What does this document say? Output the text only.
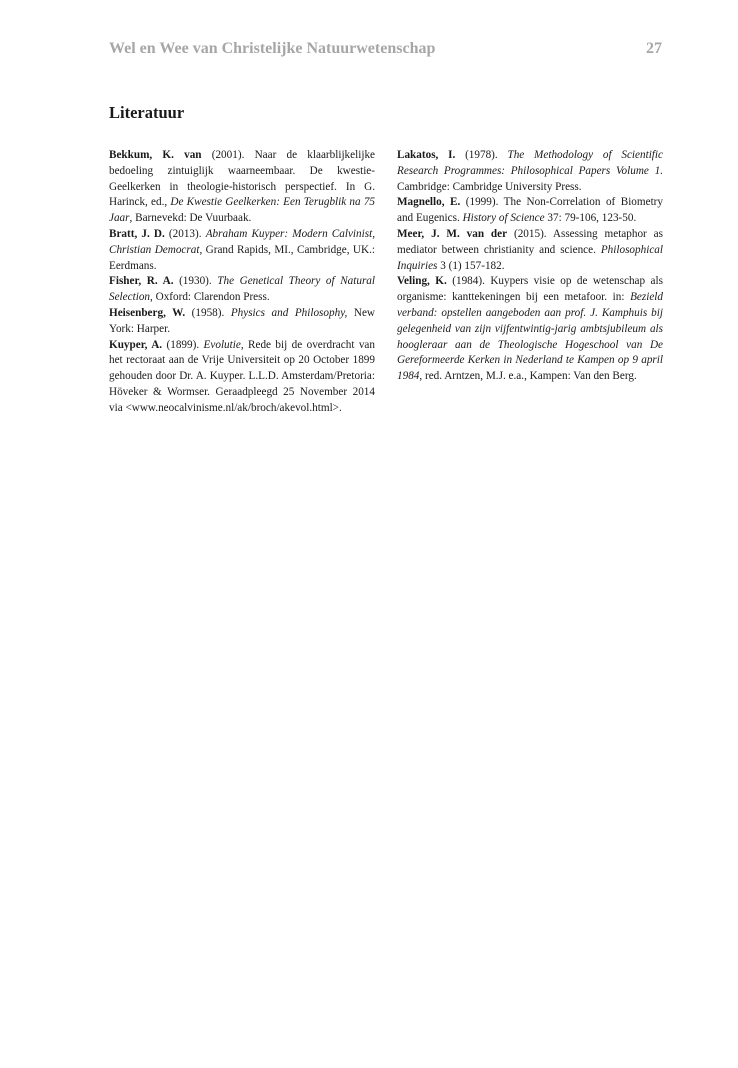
Wel en Wee van Christelijke Natuurwetenschap	27
Literatuur

Bekkum, K. van (2001). Naar de klaarblijkelijke bedoeling zintuiglijk waarneembaar. De kwestie-Geelkerken in theologie-historisch perspectief. In G. Harinck, ed., De Kwestie Geelkerken: Een Terugblik na 75 Jaar, Barnevekd: De Vuurbaak.

Bratt, J. D. (2013). Abraham Kuyper: Modern Calvinist, Christian Democrat, Grand Rapids, MI., Cambridge, UK.: Eerdmans.

Fisher, R. A. (1930). The Genetical Theory of Natural Selection, Oxford: Clarendon Press.

Heisenberg, W. (1958). Physics and Philosophy, New York: Harper.

Kuyper, A. (1899). Evolutie, Rede bij de overdracht van het rectoraat aan de Vrije Universiteit op 20 October 1899 gehouden door Dr. A. Kuyper. L.L.D. Amsterdam/Pretoria: Höveker & Wormser. Geraadpleegd 25 November 2014 via <www.neocalvinisme.nl/ak/broch/akevol.html>.

Lakatos, I. (1978). The Methodology of Scientific Research Programmes: Philosophical Papers Volume 1. Cambridge: Cambridge University Press.

Magnello, E. (1999). The Non-Correlation of Biometry and Eugenics. History of Science 37: 79-106, 123-50.

Meer, J. M. van der (2015). Assessing metaphor as mediator between christianity and science. Philosophical Inquiries 3 (1) 157-182.

Veling, K. (1984). Kuypers visie op de wetenschap als organisme: kanttekeningen bij een metafoor. in: Bezield verband: opstellen aangeboden aan prof. J. Kamphuis bij gelegenheid van zijn vijfentwintig-jarig ambtsjubileum als hoogleraar aan de Theologische Hogeschool van De Gereformeerde Kerken in Nederland te Kampen op 9 april 1984, red. Arntzen, M.J. e.a., Kampen: Van den Berg.
